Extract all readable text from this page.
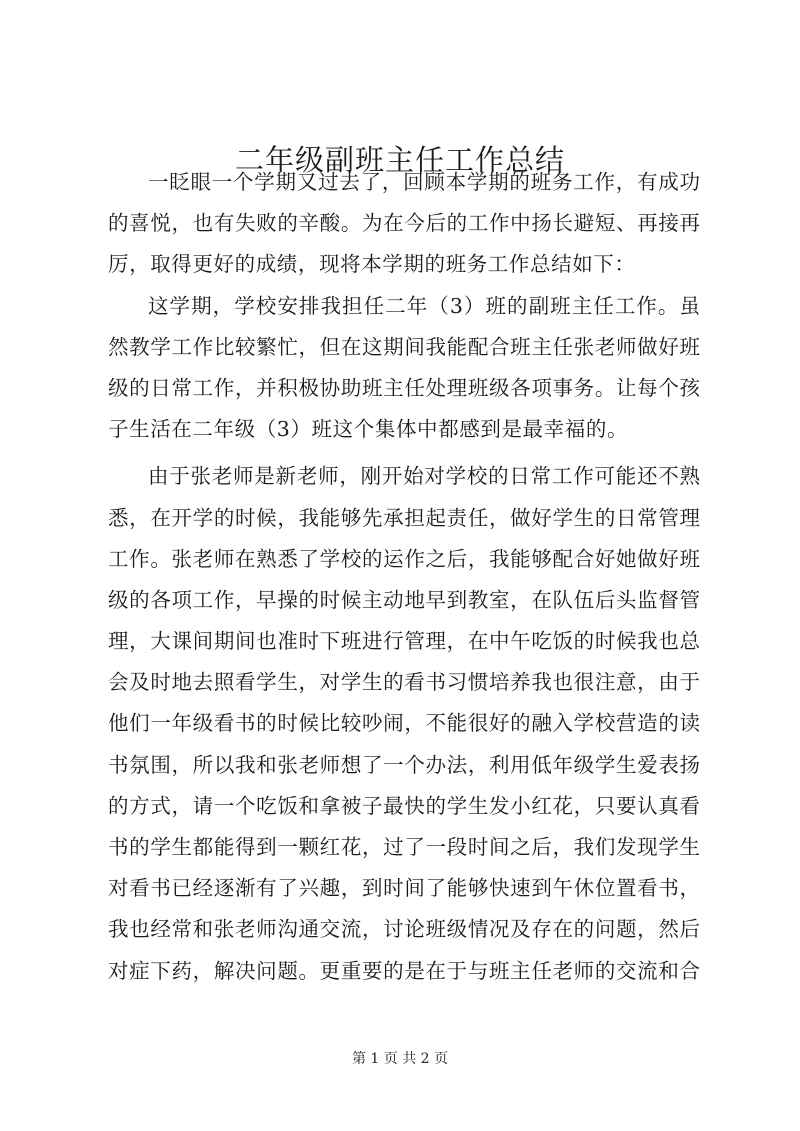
二年级副班主任工作总结
一眨眼一个学期又过去了，回顾本学期的班务工作，有成功
的喜悦，也有失败的辛酸。为在今后的工作中扬长避短、再接再
厉，取得更好的成绩，现将本学期的班务工作总结如下：
这学期，学校安排我担任二年（3）班的副班主任工作。虽
然教学工作比较繁忙，但在这期间我能配合班主任张老师做好班
级的日常工作，并积极协助班主任处理班级各项事务。让每个孩
子生活在二年级（3）班这个集体中都感到是最幸福的。
由于张老师是新老师，刚开始对学校的日常工作可能还不熟
悉，在开学的时候，我能够先承担起责任，做好学生的日常管理
工作。张老师在熟悉了学校的运作之后，我能够配合好她做好班
级的各项工作，早操的时候主动地早到教室，在队伍后头监督管
理，大课间期间也准时下班进行管理，在中午吃饭的时候我也总
会及时地去照看学生，对学生的看书习惯培养我也很注意，由于
他们一年级看书的时候比较吵闹，不能很好的融入学校营造的读
书氛围，所以我和张老师想了一个办法，利用低年级学生爱表扬
的方式，请一个吃饭和拿被子最快的学生发小红花，只要认真看
书的学生都能得到一颗红花，过了一段时间之后，我们发现学生
对看书已经逐渐有了兴趣，到时间了能够快速到午休位置看书，
我也经常和张老师沟通交流，讨论班级情况及存在的问题，然后
对症下药，解决问题。更重要的是在于与班主任老师的交流和合
第 1 页 共 2 页
